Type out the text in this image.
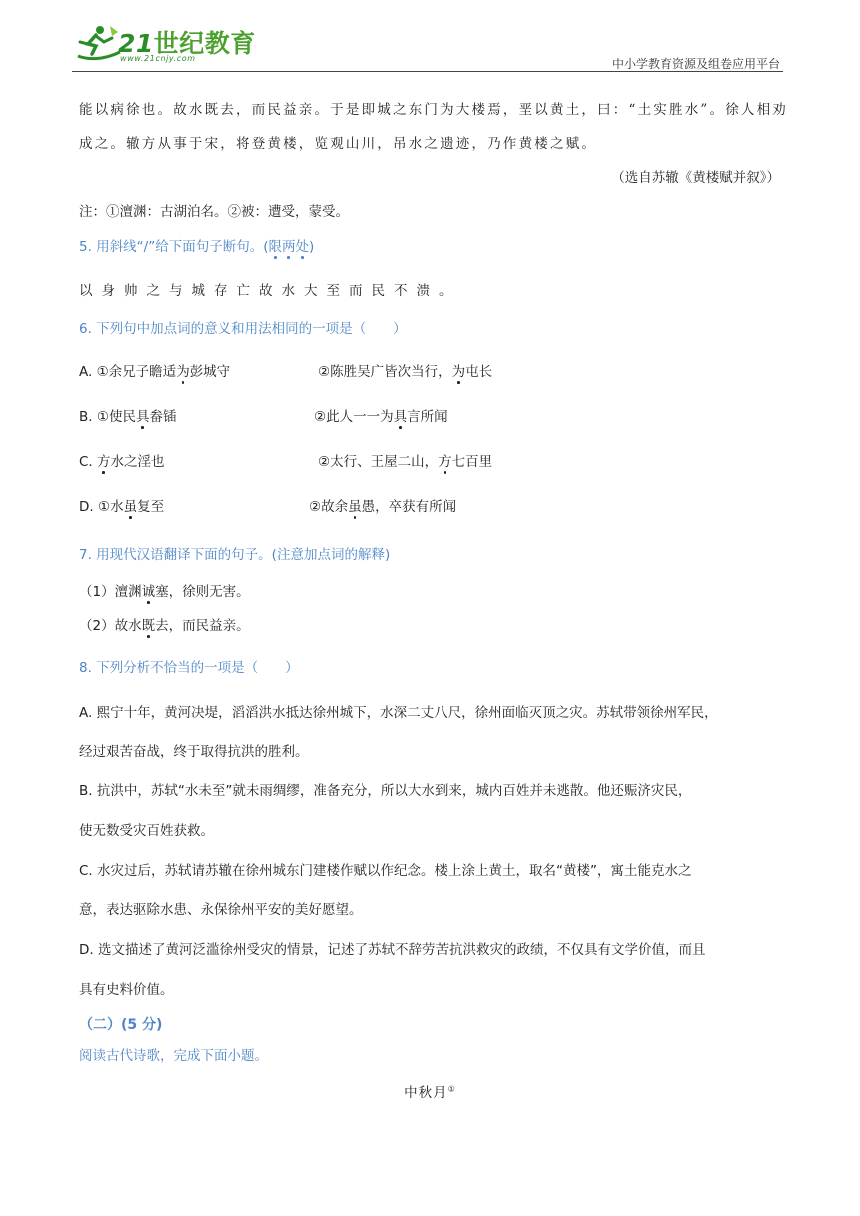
21世纪教育
www.21cnjy.com	中小学教育资源及组卷应用平台
能以病徐也。故水既去，而民益亲。于是即城之东门为大楼焉，垩以黄土，曰：“土实胜水”。徐人相劝
成之。辙方从事于宋，将登黄楼，览观山川，吊水之遗迹，乃作黄楼之赋。
（选自苏辙《黄楼赋并叙》）
注：①澶渊：古湖泊名。②被：遭受，蒙受。
5. 用斜线“/”给下面句子断句。(限两处)
以身帅之与城存亡故水大至而民不溃。
6. 下列句中加点词的意义和用法相同的一项是（　　）
A. ①余兄子瞻适为彭城守	②陈胜吴广皆次当行，为屯长
B. ①使民具畚锸	②此人一一为具言所闻
C. 方水之淫也	②太行、王屋二山，方七百里
D. ①水虽复至	②故余虽愚，卒获有所闻
7. 用现代汉语翻译下面的句子。(注意加点词的解释)
（1）澶渊诚塞，徐则无害。
（2）故水既去，而民益亲。
8. 下列分析不恰当的一项是（　　）
A. 熙宁十年，黄河决堤，滔滔洪水抵达徐州城下，水深二丈八尺，徐州面临灭顶之灾。苏轼带领徐州军民，
经过艰苦奋战，终于取得抗洪的胜利。
B. 抗洪中，苏轼“水未至”就未雨绸缪，准备充分，所以大水到来，城内百姓并未逃散。他还赈济灾民，
使无数受灾百姓获救。
C. 水灾过后，苏轼请苏辙在徐州城东门建楼作赋以作纪念。楼上涂上黄土，取名“黄楼”，寓土能克水之
意，表达驱除水患、永保徐州平安的美好愿望。
D. 选文描述了黄河泛滥徐州受灾的情景，记述了苏轼不辞劳苦抗洪救灾的政绩，不仅具有文学价值，而且
具有史料价值。
（二）(5 分)
阅读古代诗歌，完成下面小题。
中秋月①
